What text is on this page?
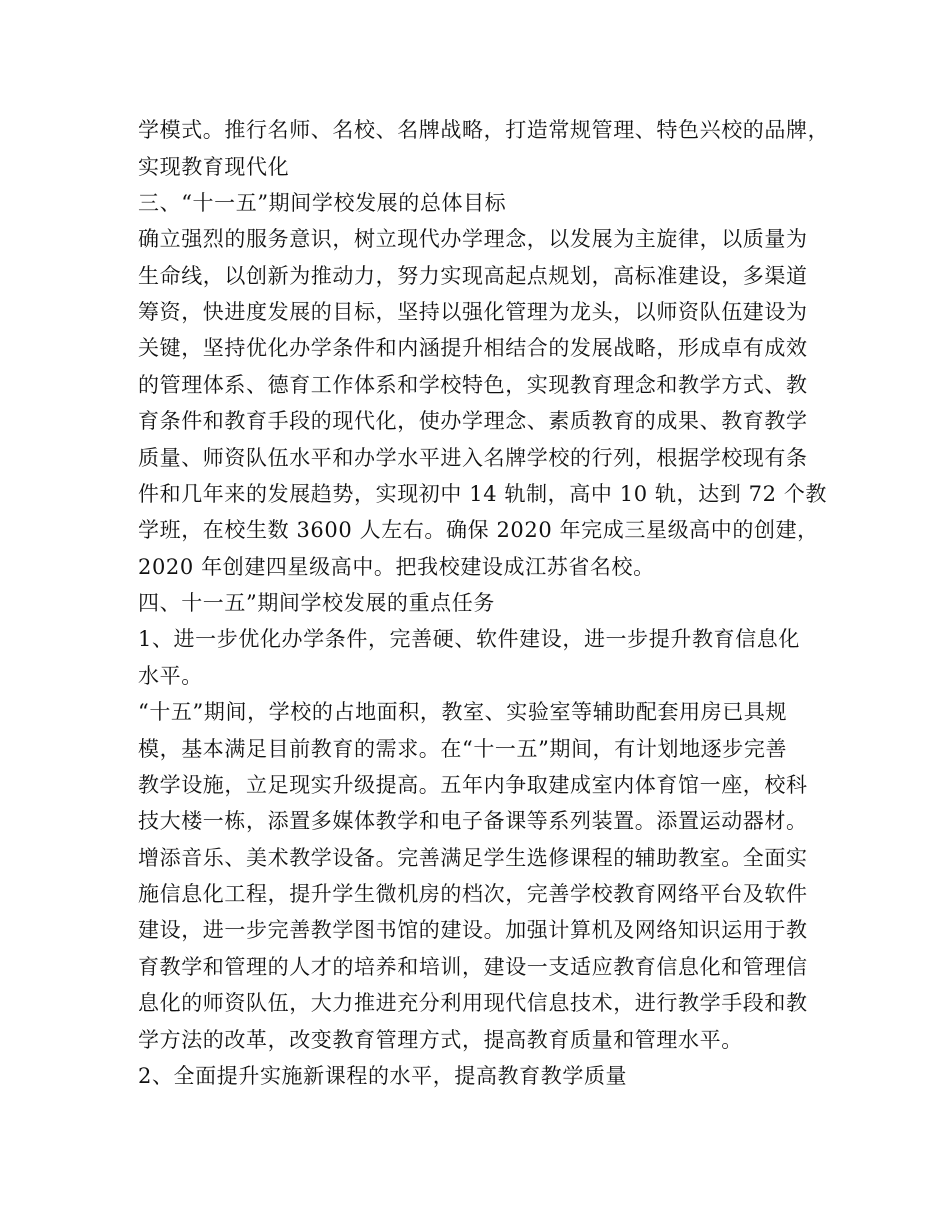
学模式。推行名师、名校、名牌战略，打造常规管理、特色兴校的品牌，
实现教育现代化
三、“十一五”期间学校发展的总体目标
确立强烈的服务意识，树立现代办学理念，以发展为主旋律，以质量为
生命线，以创新为推动力，努力实现高起点规划，高标准建设，多渠道
筹资，快进度发展的目标，坚持以强化管理为龙头，以师资队伍建设为
关键，坚持优化办学条件和内涵提升相结合的发展战略，形成卓有成效
的管理体系、德育工作体系和学校特色，实现教育理念和教学方式、教
育条件和教育手段的现代化，使办学理念、素质教育的成果、教育教学
质量、师资队伍水平和办学水平进入名牌学校的行列，根据学校现有条
件和几年来的发展趋势，实现初中 14 轨制，高中 10 轨，达到 72 个教
学班，在校生数 3600 人左右。确保 2020 年完成三星级高中的创建，
2020 年创建四星级高中。把我校建设成江苏省名校。
四、十一五”期间学校发展的重点任务
1、进一步优化办学条件，完善硬、软件建设，进一步提升教育信息化
水平。
“十五”期间，学校的占地面积，教室、实验室等辅助配套用房已具规
模，基本满足目前教育的需求。在“十一五”期间，有计划地逐步完善
教学设施，立足现实升级提高。五年内争取建成室内体育馆一座，校科
技大楼一栋，添置多媒体教学和电子备课等系列装置。添置运动器材。
增添音乐、美术教学设备。完善满足学生选修课程的辅助教室。全面实
施信息化工程，提升学生微机房的档次，完善学校教育网络平台及软件
建设，进一步完善教学图书馆的建设。加强计算机及网络知识运用于教
育教学和管理的人才的培养和培训，建设一支适应教育信息化和管理信
息化的师资队伍，大力推进充分利用现代信息技术，进行教学手段和教
学方法的改革，改变教育管理方式，提高教育质量和管理水平。
2、全面提升实施新课程的水平，提高教育教学质量
